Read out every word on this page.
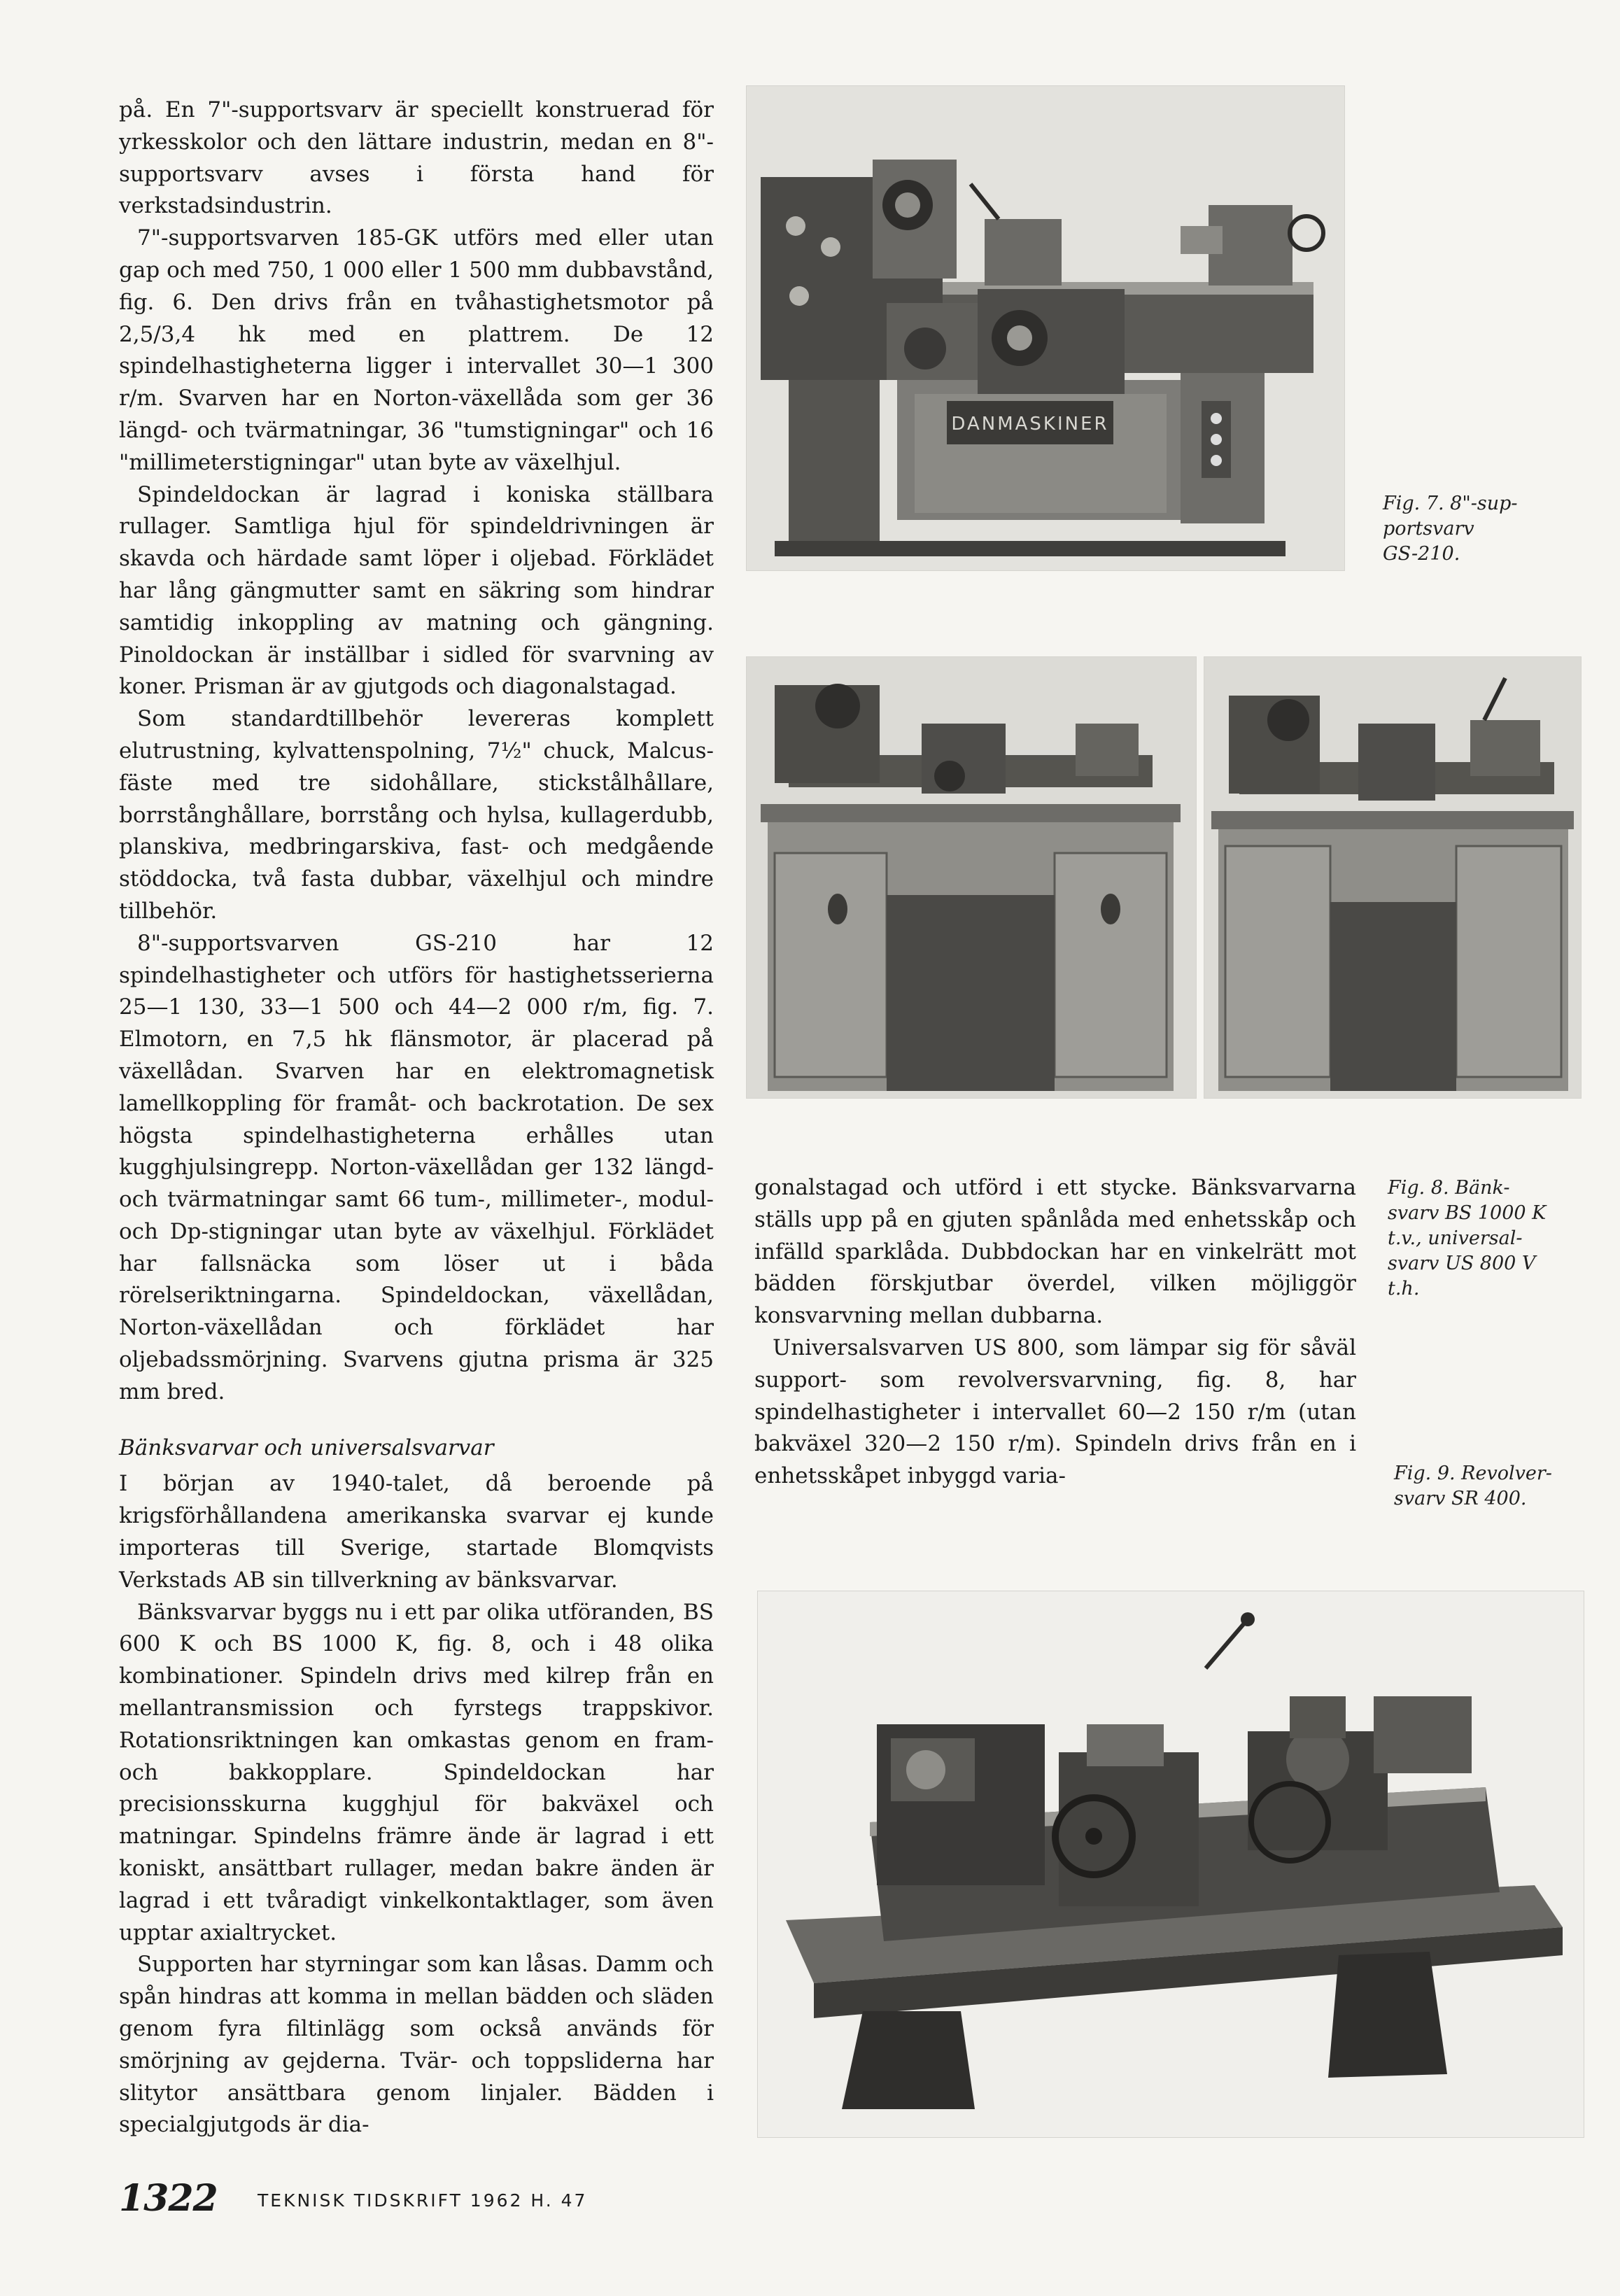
på. En 7"-supportsvarv är speciellt konstruerad för yrkesskolor och den lättare industrin, medan en 8"-supportsvarv avses i första hand för verkstadsindustrin.

7"-supportsvarven 185-GK utförs med eller utan gap och med 750, 1 000 eller 1 500 mm dubbavstånd, fig. 6. Den drivs från en tvåhastighetsmotor på 2,5/3,4 hk med en plattrem. De 12 spindelhastigheterna ligger i intervallet 30—1 300 r/m. Svarven har en Norton-växellåda som ger 36 längd- och tvärmatningar, 36 "tumstigningar" och 16 "millimeterstigningar" utan byte av växelhjul.

Spindeldockan är lagrad i koniska ställbara rullager. Samtliga hjul för spindeldrivningen är skavda och härdade samt löper i oljebad. Förklädet har lång gängmutter samt en säkring som hindrar samtidig inkoppling av matning och gängning. Pinoldockan är inställbar i sidled för svarvning av koner. Prisman är av gjutgods och diagonalstagad.

Som standardtillbehör levereras komplett elutrustning, kylvattenspolning, 7½" chuck, Malcus-fäste med tre sidohållare, stickstålhållare, borrstånghållare, borrstång och hylsa, kullagerdubb, planskiva, medbringarskiva, fast- och medgående stöddocka, två fasta dubbar, växelhjul och mindre tillbehör.

8"-supportsvarven GS-210 har 12 spindelhastigheter och utförs för hastighetsserierna 25—1 130, 33—1 500 och 44—2 000 r/m, fig. 7. Elmotorn, en 7,5 hk flänsmotor, är placerad på växellådan. Svarven har en elektromagnetisk lamellkoppling för framåt- och backrotation. De sex högsta spindelhastigheterna erhålles utan kugghjulsingrepp. Norton-växellådan ger 132 längd- och tvärmatningar samt 66 tum-, millimeter-, modul- och Dp-stigningar utan byte av växelhjul. Förklädet har fallsnäcka som löser ut i båda rörelseriktningarna. Spindeldockan, växellådan, Norton-växellådan och förklädet har oljebadssmörjning. Svarvens gjutna prisma är 325 mm bred.

Bänksvarvar och universalsvarvar

I början av 1940-talet, då beroende på krigsförhållandena amerikanska svarvar ej kunde importeras till Sverige, startade Blomqvists Verkstads AB sin tillverkning av bänksvarvar.

Bänksvarvar byggs nu i ett par olika utföranden, BS 600 K och BS 1000 K, fig. 8, och i 48 olika kombinationer. Spindeln drivs med kilrep från en mellantransmission och fyrstegs trappskivor. Rotationsriktningen kan omkastas genom en fram- och bakkopplare. Spindeldockan har precisionsskurna kugghjul för bakväxel och matningar. Spindelns främre ände är lagrad i ett koniskt, ansättbart rullager, medan bakre änden är lagrad i ett tvåradigt vinkelkontaktlager, som även upptar axialtrycket.

Supporten har styrningar som kan låsas. Damm och spån hindras att komma in mellan bädden och släden genom fyra filtinlägg som också används för smörjning av gejderna. Tvär- och toppsliderna har slitytor ansättbara genom linjaler. Bädden i specialgjutgods är dia-

gonalstagad och utförd i ett stycke. Bänksvarvarna ställs upp på en gjuten spånlåda med enhetsskåp och infälld sparklåda. Dubbdockan har en vinkelrätt mot bädden förskjutbar överdel, vilken möjliggör konsvarvning mellan dubbarna.

Universalsvarven US 800, som lämpar sig för såväl support- som revolversvarvning, fig. 8, har spindelhastigheter i intervallet 60—2 150 r/m (utan bakväxel 320—2 150 r/m). Spindeln drivs från en i enhetsskåpet inbyggd varia-

DANMASKINER
Fig. 7. 8"-sup-
portsvarv
GS-210.
Fig. 8. Bänk-
svarv BS 1000 K
t.v., universal-
svarv US 800 V
t.h.
Fig. 9. Revolver-
svarv SR 400.
1322 TEKNISK TIDSKRIFT 1962 H. 47
